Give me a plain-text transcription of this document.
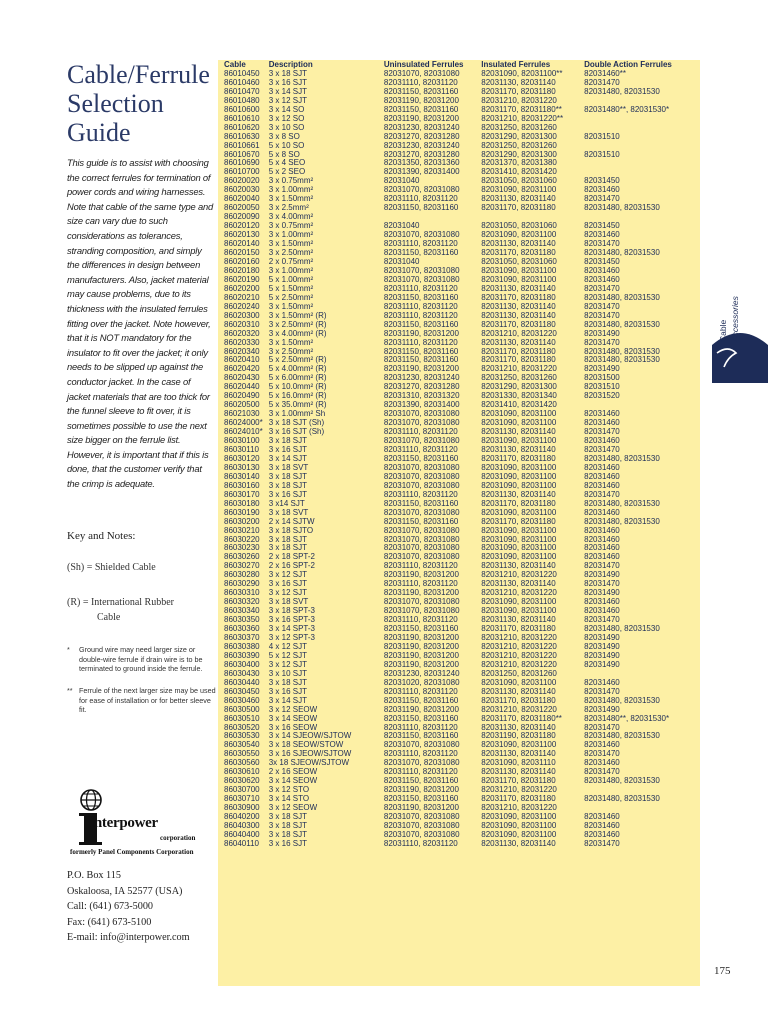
Cable/Ferrule Selection Guide
This guide is to assist with choosing the correct ferrules for termination of power cords and wiring harnesses. Note that cable of the same type and size can vary due to such considerations as tolerances, stranding composition, and simply the differences in design between manufacturers. Also, jacket material may cause problems, due to its thickness with the insulated ferrules fitting over the jacket. Note however, that it is NOT mandatory for the insulator to fit over the jacket; it only needs to be slipped up against the conductor jacket. In the case of jacket materials that are too thick for the funnel sleeve to fit over, it is sometimes possible to use the next size bigger on the ferrule list. However, it is important that if this is done, that the customer verify that the crimp is adequate.
Key and Notes:
(Sh) = Shielded Cable
(R) = International Rubber
Cable
*	Ground wire may need larger size or double-wire ferrule if drain wire is to be terminated to ground inside the ferrule.
** Ferrule of the next larger size may be used for ease of installation or for better sleeve fit.
interpower
corporation
formerly Panel Components Corporation
P.O. Box 115
Oskaloosa, IA 52577 (USA)
Call: (641) 673-5000
Fax: (641) 673-5100
E-mail: info@interpower.com
Cable	Description	Uninsulated Ferrules	Insulated Ferrules	Double Action Ferrules
86010450	3 x 18 SJT	82031070, 82031080	82031090, 82031100**	82031460**
86010460	3 x 16 SJT	82031110, 82031120	82031130, 82031140	82031470
86010470	3 x 14 SJT	82031150, 82031160	82031170, 82031180	82031480, 82031530
86010480	3 x 12 SJT	82031190, 82031200	82031210, 82031220	
86010600	3 x 14 SO	82031150, 82031160	82031170, 82031180**	82031480**, 82031530*
86010610	3 x 12 SO	82031190, 82031200	82031210, 82031220**	
86010620	3 x 10 SO	82031230, 82031240	82031250, 82031260	
86010630	3 x 8 SO	82031270, 82031280	82031290, 82031300	82031510
86010661	5 x 10 SO	82031230, 82031240	82031250, 82031260	
86010670	5 x 8 SO	82031270, 82031280	82031290, 82031300	82031510
86010690	5 x 4 SEO	82031350, 82031360	82031370, 82031380	
86010700	5 x 2 SEO	82031390, 82031400	82031410, 82031420	
86020020	3 x 0.75mm²	82031040	82031050, 82031060	82031450
86020030	3 x 1.00mm²	82031070, 82031080	82031090, 82031100	82031460
86020040	3 x 1.50mm²	82031110, 82031120	82031130, 82031140	82031470
86020050	3 x 2.5mm²	82031150, 82031160	82031170, 82031180	82031480, 82031530
86020090	3 x 4.00mm²			
86020120	3 x 0.75mm²	82031040	82031050, 82031060	82031450
86020130	3 x 1.00mm²	82031070, 82031080	82031090, 82031100	82031460
86020140	3 x 1.50mm²	82031110, 82031120	82031130, 82031140	82031470
86020150	3 x 2.50mm²	82031150, 82031160	82031170, 82031180	82031480, 82031530
86020160	2 x 0.75mm²	82031040	82031050, 82031060	82031450
86020180	3 x 1.00mm²	82031070, 82031080	82031090, 82031100	82031460
86020190	5 x 1.00mm²	82031070, 82031080	82031090, 82031100	82031460
86020200	5 x 1.50mm²	82031110, 82031120	82031130, 82031140	82031470
86020210	5 x 2.50mm²	82031150, 82031160	82031170, 82031180	82031480, 82031530
86020240	3 x 1.50mm²	82031110, 82031120	82031130, 82031140	82031470
86020300	3 x 1.50mm² (R)	82031110, 82031120	82031130, 82031140	82031470
86020310	3 x 2.50mm² (R)	82031150, 82031160	82031170, 82031180	82031480, 82031530
86020320	3 x 4.00mm² (R)	82031190, 82031200	82031210, 82031220	82031490
86020330	3 x 1.50mm²	82031110, 82031120	82031130, 82031140	82031470
86020340	3 x 2.50mm²	82031150, 82031160	82031170, 82031180	82031480, 82031530
86020410	5 x 2.50mm² (R)	82031150, 82031160	82031170, 82031180	82031480, 82031530
86020420	5 x 4.00mm² (R)	82031190, 82031200	82031210, 82031220	82031490
86020430	5 x 6.00mm² (R)	82031230, 82031240	82031250, 82031260	82031500
86020440	5 x 10.0mm² (R)	82031270, 82031280	82031290, 82031300	82031510
86020490	5 x 16.0mm² (R)	82031310, 82031320	82031330, 82031340	82031520
86020500	5 x 35.0mm² (R)	82031390, 82031400	82031410, 82031420	
86021030	3 x 1.00mm² Sh	82031070, 82031080	82031090, 82031100	82031460
86024000*	3 x 18 SJT (Sh)	82031070, 82031080	82031090, 82031100	82031460
86024010*	3 x 16 SJT (Sh)	82031110, 82031120	82031130, 82031140	82031470
86030100	3 x 18 SJT	82031070, 82031080	82031090, 82031100	82031460
86030110	3 x 16 SJT	82031110, 82031120	82031130, 82031140	82031470
86030120	3 x 14 SJT	82031150, 82031160	82031170, 82031180	82031480, 82031530
86030130	3 x 18 SVT	82031070, 82031080	82031090, 82031100	82031460
86030140	3 x 18 SJT	82031070, 82031080	82031090, 82031100	82031460
86030160	3 x 18 SJT	82031070, 82031080	82031090, 82031100	82031460
86030170	3 x 16 SJT	82031110, 82031120	82031130, 82031140	82031470
86030180	3 x14 SJT	82031150, 82031160	82031170, 82031180	82031480, 82031530
86030190	3 x 18 SVT	82031070, 82031080	82031090, 82031100	82031460
86030200	2 x 14 SJTW	82031150, 82031160	82031170, 82031180	82031480, 82031530
86030210	3 x 18 SJTO	82031070, 82031080	82031090, 82031100	82031460
86030220	3 x 18 SJT	82031070, 82031080	82031090, 82031100	82031460
86030230	3 x 18 SJT	82031070, 82031080	82031090, 82031100	82031460
86030260	2 x 18 SPT-2	82031070, 82031080	82031090, 82031100	82031460
86030270	2 x 16 SPT-2	82031110, 82031120	82031130, 82031140	82031470
86030280	3 x 12 SJT	82031190, 82031200	82031210, 82031220	82031490
86030290	3 x 16 SJT	82031110, 82031120	82031130, 82031140	82031470
86030310	3 x 12 SJT	82031190, 82031200	82031210, 82031220	82031490
86030320	3 x 18 SVT	82031070, 82031080	82031090, 82031100	82031460
86030340	3 x 18 SPT-3	82031070, 82031080	82031090, 82031100	82031460
86030350	3 x 16 SPT-3	82031110, 82031120	82031130, 82031140	82031470
86030360	3 x 14 SPT-3	82031150, 82031160	82031170, 82031180	82031480, 82031530
86030370	3 x 12 SPT-3	82031190, 82031200	82031210, 82031220	82031490
86030380	4 x 12 SJT	82031190, 82031200	82031210, 82031220	82031490
86030390	5 x 12 SJT	82031190, 82031200	82031210, 82031220	82031490
86030400	3 x 12 SJT	82031190, 82031200	82031210, 82031220	82031490
86030430	3 x 10 SJT	82031230, 82031240	82031250, 82031260	
86030440	3 x 18 SJT	82031020, 82031080	82031090, 82031100	82031460
86030450	3 x 16 SJT	82031110, 82031120	82031130, 82031140	82031470
86030460	3 x 14 SJT	82031150, 82031160	82031170, 82031180	82031480, 82031530
86030500	3 x 12 SEOW	82031190, 82031200	82031210, 82031220	82031490
86030510	3 x 14 SEOW	82031150, 82031160	82031170, 82031180**	82031480**, 82031530*
86030520	3 x 16 SEOW	82031110, 82031120	82031130, 82031140	82031470
86030530	3 x 14 SJEOW/SJTOW	82031150, 82031160	82031190, 82031180	82031480, 82031530
86030540	3 x 18 SEOW/STOW	82031070, 82031080	82031090, 82031100	82031460
86030550	3 x 16 SJEOW/SJTOW	82031110, 82031120	82031130, 82031140	82031470
86030560	3x 18 SJEOW/SJTOW	82031070, 82031080	82031090, 82031110	82031460
86030610	2 x 16 SEOW	82031110, 82031120	82031130, 82031140	82031470
86030620	3 x 14 SEOW	82031150, 82031160	82031170, 82031180	82031480, 82031530
86030700	3 x 12 STO	82031190, 82031200	82031210, 82031220	
86030710	3 x 14 STO	82031150, 82031160	82031170, 82031180	82031480, 82031530
86030900	3 x 12 SEOW	82031190, 82031200	82031210, 82031220	
86040200	3 x 18 SJT	82031070, 82031080	82031090, 82031100	82031460
86040300	3 x 18 SJT	82031070, 82031080	82031090, 82031100	82031460
86040400	3 x 18 SJT	82031070, 82031080	82031090, 82031100	82031460
86040110	3 x 16 SJT	82031110, 82031120	82031130, 82031140	82031470
Cable Accessories
175
